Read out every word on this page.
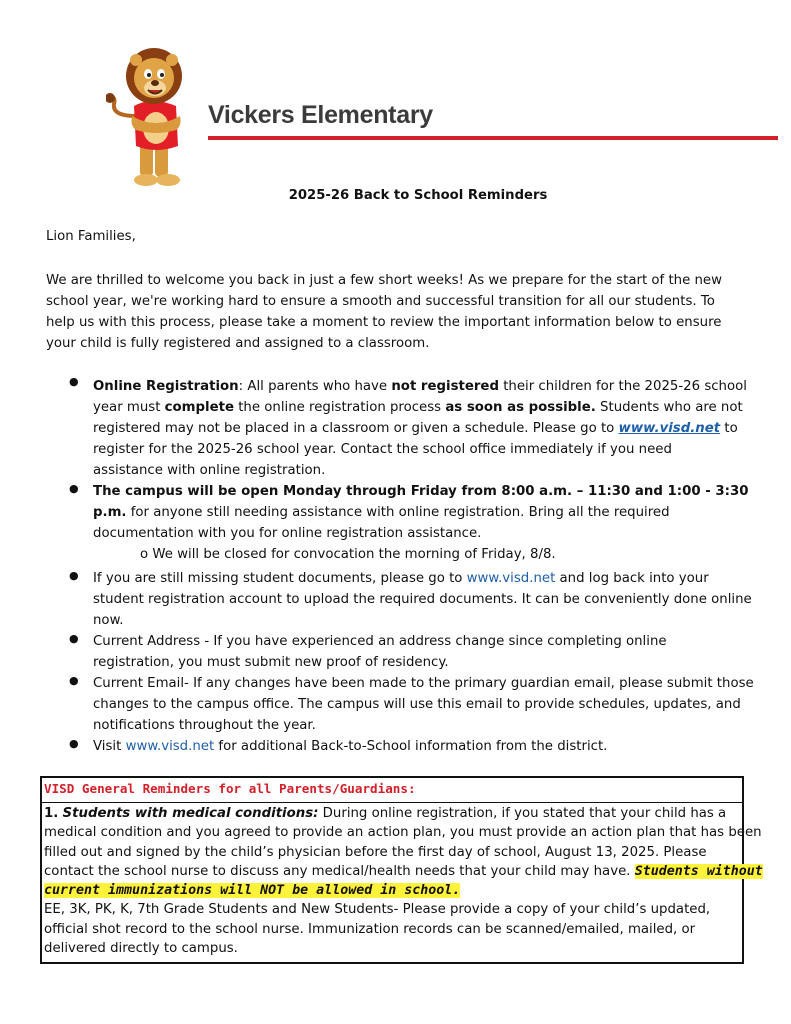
Vickers Elementary
2025-26 Back to School Reminders
Lion Families,
We are thrilled to welcome you back in just a few short weeks! As we prepare for the start of the new
school year, we're working hard to ensure a smooth and successful transition for all our students. To
help us with this process, please take a moment to review the important information below to ensure
your child is fully registered and assigned to a classroom.
● Online Registration: All parents who have not registered their children for the 2025-26 school
year must complete the online registration process as soon as possible. Students who are not
registered may not be placed in a classroom or given a schedule. Please go to www.visd.net to
register for the 2025-26 school year. Contact the school office immediately if you need
assistance with online registration.
● The campus will be open Monday through Friday from 8:00 a.m. – 11:30 and 1:00 - 3:30
p.m. for anyone still needing assistance with online registration. Bring all the required
documentation with you for online registration assistance.
o We will be closed for convocation the morning of Friday, 8/8.
● If you are still missing student documents, please go to www.visd.net and log back into your
student registration account to upload the required documents. It can be conveniently done online
now.
● Current Address - If you have experienced an address change since completing online
registration, you must submit new proof of residency.
● Current Email- If any changes have been made to the primary guardian email, please submit those
changes to the campus office. The campus will use this email to provide schedules, updates, and
notifications throughout the year.
● Visit www.visd.net for additional Back-to-School information from the district.
VISD General Reminders for all Parents/Guardians:
1. Students with medical conditions: During online registration, if you stated that your child has a
medical condition and you agreed to provide an action plan, you must provide an action plan that has been
filled out and signed by the child’s physician before the first day of school, August 13, 2025. Please
contact the school nurse to discuss any medical/health needs that your child may have. Students without
current immunizations will NOT be allowed in school.
EE, 3K, PK, K, 7th Grade Students and New Students- Please provide a copy of your child’s updated,
official shot record to the school nurse. Immunization records can be scanned/emailed, mailed, or
delivered directly to campus.
